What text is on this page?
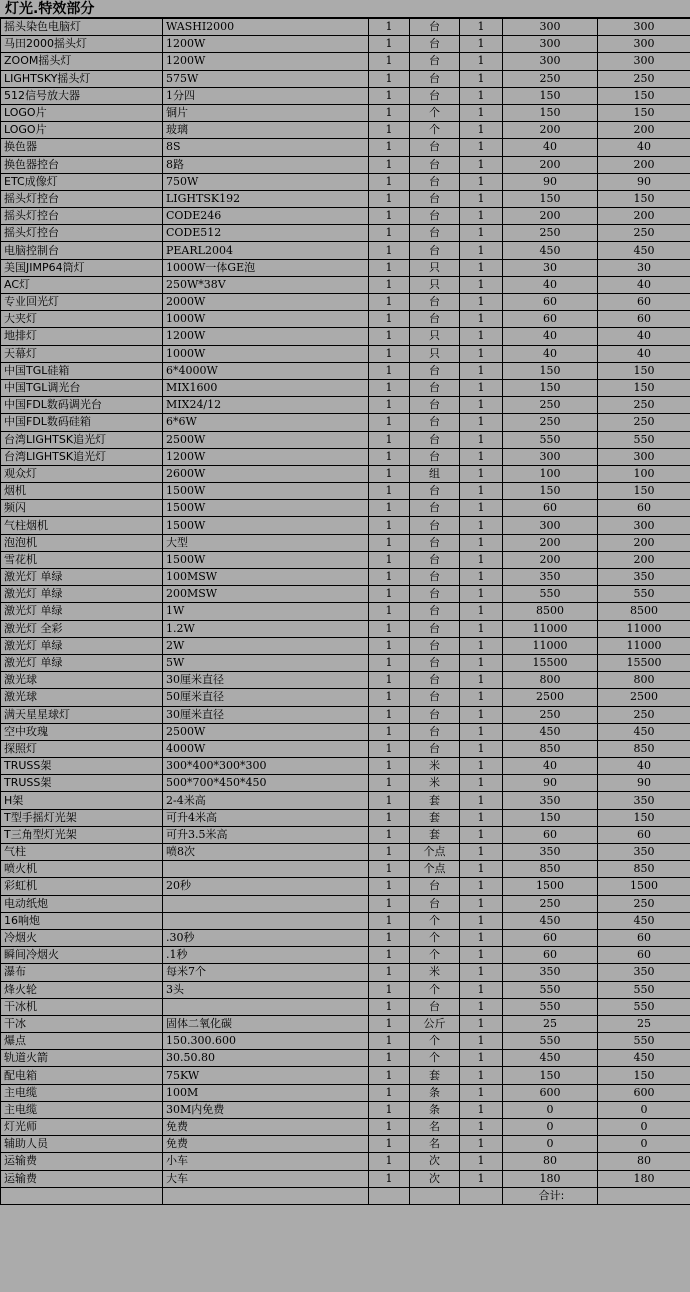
灯光.特效部分
摇头染色电脑灯	WASHI2000	1	台	1	300	300
马田2000摇头灯	1200W	1	台	1	300	300
ZOOM摇头灯	1200W	1	台	1	300	300
LIGHTSKY摇头灯	575W	1	台	1	250	250
512信号放大器	1分四	1	台	1	150	150
LOGO片	铜片	1	个	1	150	150
LOGO片	玻璃	1	个	1	200	200
换色器	8S	1	台	1	40	40
换色器控台	8路	1	台	1	200	200
ETC成像灯	750W	1	台	1	90	90
摇头灯控台	LIGHTSK192	1	台	1	150	150
摇头灯控台	CODE246	1	台	1	200	200
摇头灯控台	CODE512	1	台	1	250	250
电脑控制台	PEARL2004	1	台	1	450	450
美国JIMP64筒灯	1000W一体GE泡	1	只	1	30	30
AC灯	250W*38V	1	只	1	40	40
专业回光灯	2000W	1	台	1	60	60
大夹灯	1000W	1	台	1	60	60
地排灯	1200W	1	只	1	40	40
天幕灯	1000W	1	只	1	40	40
中国TGL硅箱	6*4000W	1	台	1	150	150
中国TGL调光台	MIX1600	1	台	1	150	150
中国FDL数码调光台	MIX24/12	1	台	1	250	250
中国FDL数码硅箱	6*6W	1	台	1	250	250
台湾LIGHTSK追光灯	2500W	1	台	1	550	550
台湾LIGHTSK追光灯	1200W	1	台	1	300	300
观众灯	2600W	1	组	1	100	100
烟机	1500W	1	台	1	150	150
频闪	1500W	1	台	1	60	60
气柱烟机	1500W	1	台	1	300	300
泡泡机	大型	1	台	1	200	200
雪花机	1500W	1	台	1	200	200
激光灯 单绿	100MSW	1	台	1	350	350
激光灯 单绿	200MSW	1	台	1	550	550
激光灯 单绿	1W	1	台	1	8500	8500
激光灯 全彩	1.2W	1	台	1	11000	11000
激光灯 单绿	2W	1	台	1	11000	11000
激光灯 单绿	5W	1	台	1	15500	15500
激光球	30厘米直径	1	台	1	800	800
激光球	50厘米直径	1	台	1	2500	2500
满天星星球灯	30厘米直径	1	台	1	250	250
空中玫瑰	2500W	1	台	1	450	450
探照灯	4000W	1	台	1	850	850
TRUSS架	300*400*300*300	1	米	1	40	40
TRUSS架	500*700*450*450	1	米	1	90	90
H架	2-4米高	1	套	1	350	350
T型手摇灯光架	可升4米高	1	套	1	150	150
T三角型灯光架	可升3.5米高	1	套	1	60	60
气柱	喷8次	1	个点	1	350	350
喷火机		1	个点	1	850	850
彩虹机	20秒	1	台	1	1500	1500
电动纸炮		1	台	1	250	250
16响炮		1	个	1	450	450
冷烟火	.30秒	1	个	1	60	60
瞬间冷烟火	.1秒	1	个	1	60	60
瀑布	每米7个	1	米	1	350	350
烽火轮	3头	1	个	1	550	550
干冰机		1	台	1	550	550
干冰	固体二氧化碳	1	公斤	1	25	25
爆点	150.300.600	1	个	1	550	550
轨道火箭	30.50.80	1	个	1	450	450
配电箱	75KW	1	套	1	150	150
主电缆	100M	1	条	1	600	600
主电缆	30M内免费	1	条	1	0	0
灯光师	免费	1	名	1	0	0
辅助人员	免费	1	名	1	0	0
运输费	小车	1	次	1	80	80
运输费	大车	1	次	1	180	180
					合计:	
